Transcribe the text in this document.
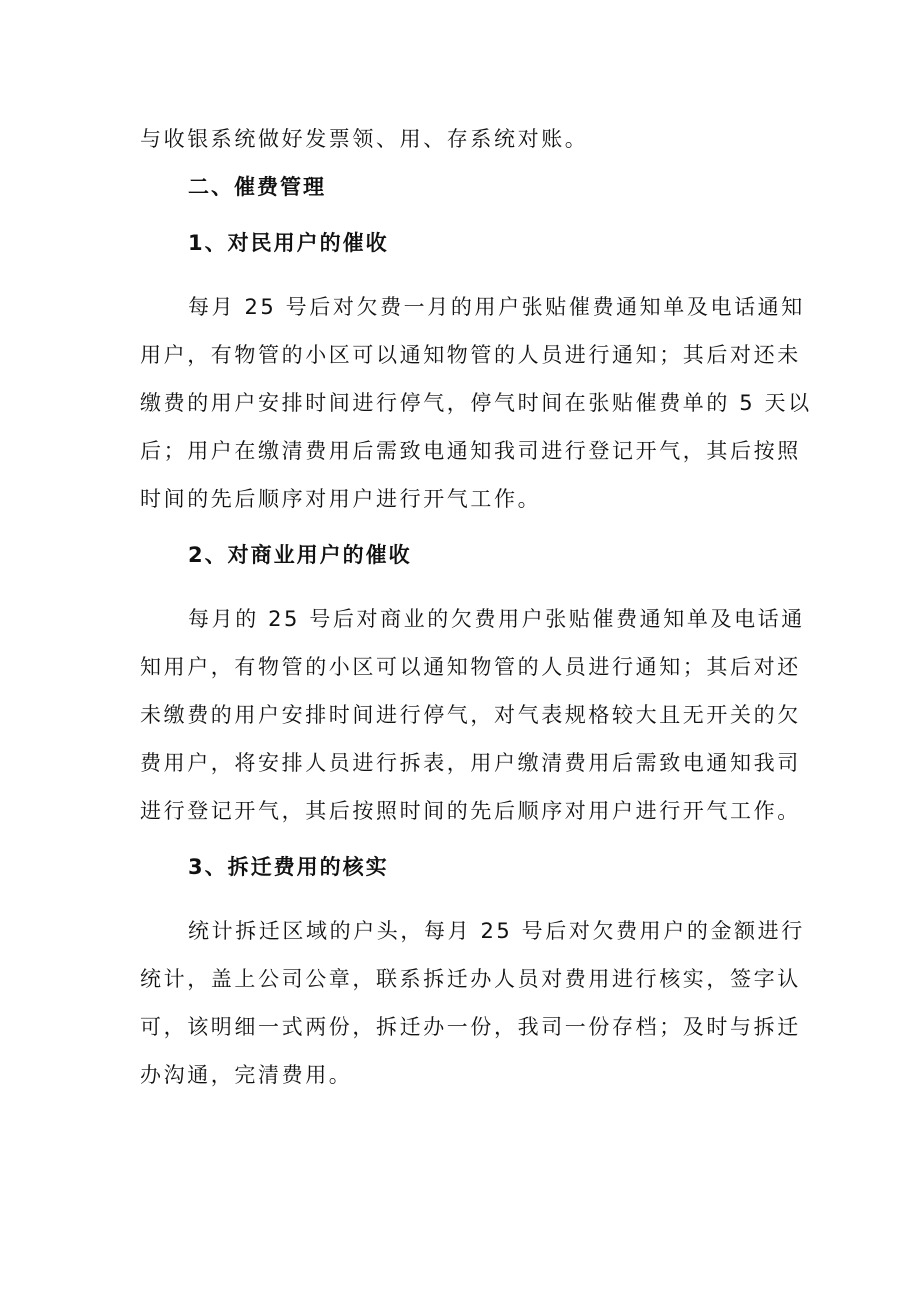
与收银系统做好发票领、用、存系统对账。
二、催费管理
1、对民用户的催收
每月 25 号后对欠费一月的用户张贴催费通知单及电话通知
用户，有物管的小区可以通知物管的人员进行通知；其后对还未
缴费的用户安排时间进行停气，停气时间在张贴催费单的 5 天以
后；用户在缴清费用后需致电通知我司进行登记开气，其后按照
时间的先后顺序对用户进行开气工作。
2、对商业用户的催收
每月的 25 号后对商业的欠费用户张贴催费通知单及电话通
知用户，有物管的小区可以通知物管的人员进行通知；其后对还
未缴费的用户安排时间进行停气，对气表规格较大且无开关的欠
费用户，将安排人员进行拆表，用户缴清费用后需致电通知我司
进行登记开气，其后按照时间的先后顺序对用户进行开气工作。
3、拆迁费用的核实
统计拆迁区域的户头，每月 25 号后对欠费用户的金额进行
统计，盖上公司公章，联系拆迁办人员对费用进行核实，签字认
可，该明细一式两份，拆迁办一份，我司一份存档；及时与拆迁
办沟通，完清费用。
